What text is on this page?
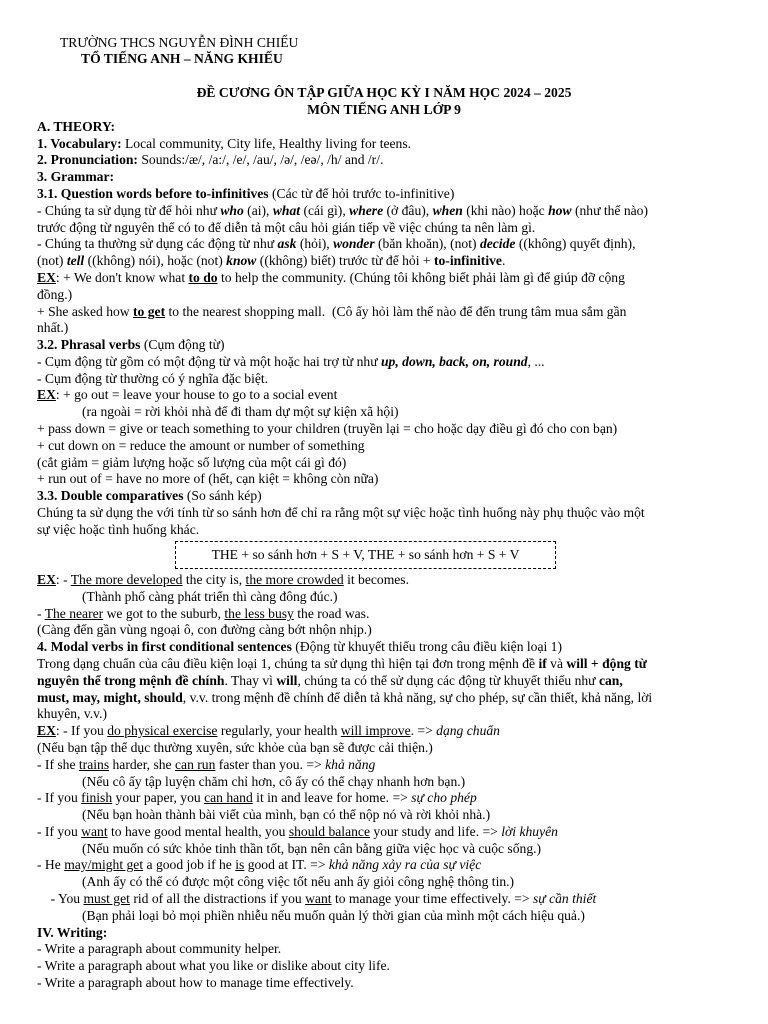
TRƯỜNG THCS NGUYỄN ĐÌNH CHIỂU
TỔ TIẾNG ANH – NĂNG KHIẾU
ĐỀ CƯƠNG ÔN TẬP GIỮA HỌC KỲ I NĂM HỌC 2024 – 2025
MÔN TIẾNG ANH LỚP 9
A. THEORY:
1. Vocabulary: Local community, City life, Healthy living for teens.
2. Pronunciation: Sounds:/æ/, /a:/, /e/, /au/, /ə/, /eə/, /h/ and /r/.
3. Grammar:
3.1. Question words before to-infinitives (Các từ để hỏi trước to-infinitive)
- Chúng ta sử dụng từ để hỏi như who (ai), what (cái gì), where (ở đâu), when (khi nào) hoặc how (như thế nào)
trước động từ nguyên thể có to để diễn tả một câu hỏi gián tiếp về việc chúng ta nên làm gì.
- Chúng ta thường sử dụng các động từ như ask (hỏi), wonder (băn khoăn), (not) decide ((không) quyết định),
(not) tell ((không) nói), hoặc (not) know ((không) biết) trước từ để hỏi + to-infinitive.
EX: + We don't know what to do to help the community. (Chúng tôi không biết phải làm gì để giúp đỡ cộng
đồng.)
+ She asked how to get to the nearest shopping mall.  (Cô ấy hỏi làm thế nào để đến trung tâm mua sắm gần
nhất.)
3.2. Phrasal verbs (Cụm động từ)
- Cụm động từ gồm có một động từ và một hoặc hai trợ từ như up, down, back, on, round, ...
- Cụm động từ thường có ý nghĩa đặc biệt.
EX: + go out = leave your house to go to a social event
(ra ngoài = rời khỏi nhà để đi tham dự một sự kiện xã hội)
+ pass down = give or teach something to your children (truyền lại = cho hoặc dạy điều gì đó cho con bạn)
+ cut down on = reduce the amount or number of something
(cắt giảm = giảm lượng hoặc số lượng của một cái gì đó)
+ run out of = have no more of (hết, cạn kiệt = không còn nữa)
3.3. Double comparatives (So sánh kép)
Chúng ta sử dụng the với tính từ so sánh hơn để chỉ ra rằng một sự việc hoặc tình huống này phụ thuộc vào một
sự việc hoặc tình huống khác.
EX: - The more developed the city is, the more crowded it becomes.
(Thành phố càng phát triển thì càng đông đúc.)
- The nearer we got to the suburb, the less busy the road was.
(Càng đến gần vùng ngoại ô, con đường càng bớt nhộn nhịp.)
4. Modal verbs in first conditional sentences (Động từ khuyết thiếu trong câu điều kiện loại 1)
Trong dạng chuẩn của câu điều kiện loại 1, chúng ta sử dụng thì hiện tại đơn trong mệnh đề if và will + động từ
nguyên thể trong mệnh đề chính. Thay vì will, chúng ta có thể sử dụng các động từ khuyết thiếu như can,
must, may, might, should, v.v. trong mệnh đề chính để diễn tả khả năng, sự cho phép, sự cần thiết, khả năng, lời
khuyên, v.v.)
EX: - If you do physical exercise regularly, your health will improve. => dạng chuẩn
(Nếu bạn tập thể dục thường xuyên, sức khỏe của bạn sẽ được cải thiện.)
- If she trains harder, she can run faster than you. => khả năng
(Nếu cô ấy tập luyện chăm chỉ hơn, cô ấy có thể chạy nhanh hơn bạn.)
- If you finish your paper, you can hand it in and leave for home. => sự cho phép
(Nếu bạn hoàn thành bài viết của mình, bạn có thể nộp nó và rời khỏi nhà.)
- If you want to have good mental health, you should balance your study and life. => lời khuyên
(Nếu muốn có sức khỏe tinh thần tốt, bạn nên cân bằng giữa việc học và cuộc sống.)
- He may/might get a good job if he is good at IT. => khả năng xảy ra của sự việc
(Anh ấy có thể có được một công việc tốt nếu anh ấy giỏi công nghệ thông tin.)
- You must get rid of all the distractions if you want to manage your time effectively. => sự cần thiết
(Bạn phải loại bỏ mọi phiền nhiễu nếu muốn quản lý thời gian của mình một cách hiệu quả.)
IV. Writing:
- Write a paragraph about community helper.
- Write a paragraph about what you like or dislike about city life.
- Write a paragraph about how to manage time effectively.
THE + so sánh hơn + S + V, THE + so sánh hơn + S + V
